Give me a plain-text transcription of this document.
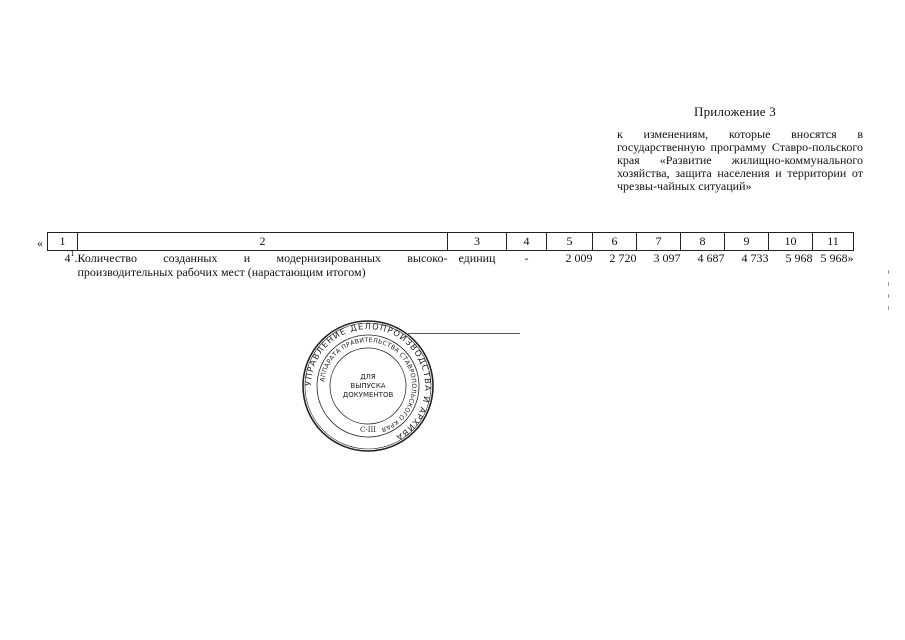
Приложение 3
к изменениям, которые вносятся в государственную программу Ставро-польского края «Развитие жилищно-коммунального хозяйства, защита населения и территории от чрезвы-чайных ситуаций»
« 1	2	3	4	5	6	7	8	9	10	11
$4^1$.	Количество созданных и модернизированных высоко-производительных рабочих мест (нарастающим итогом)	единиц	-	2 009	2 720	3 097	4 687	4 733	5 968	5 968»
УПРАВЛЕНИЕ ДЕЛОПРОИЗВОДСТВА И АРХИВА
АППАРАТА ПРАВИТЕЛЬСТВА СТАВРОПОЛЬСКОГО КРАЯ
ДЛЯ
ВЫПУСКА
ДОКУМЕНТОВ
С-III
